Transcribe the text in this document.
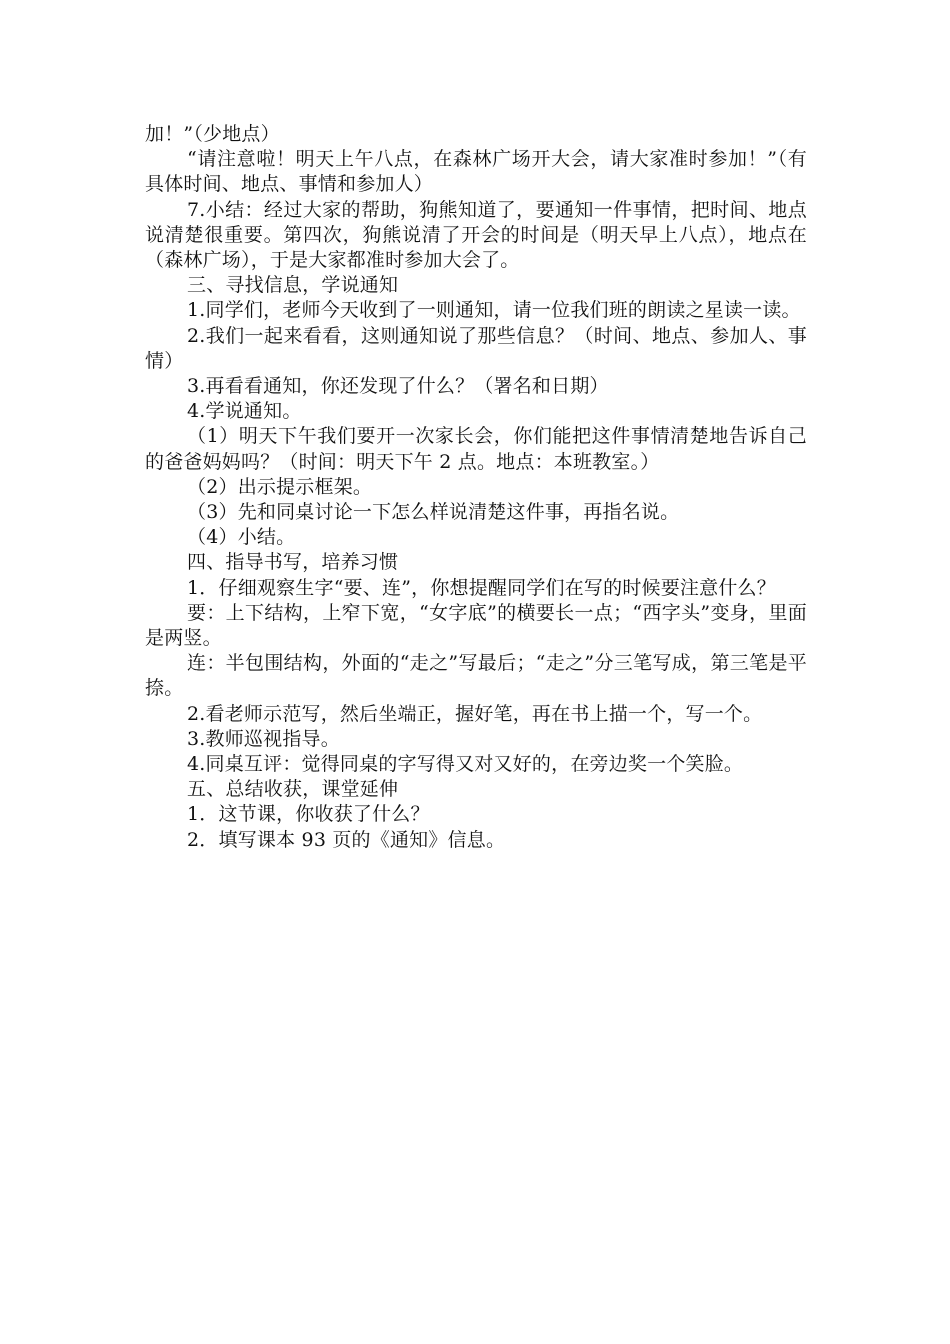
加！”（少地点）

“请注意啦！明天上午八点，在森林广场开大会，请大家准时参加！”（有具体时间、地点、事情和参加人）

7.小结：经过大家的帮助，狗熊知道了，要通知一件事情，把时间、地点说清楚很重要。第四次，狗熊说清了开会的时间是（明天早上八点），地点在（森林广场），于是大家都准时参加大会了。

三、寻找信息，学说通知

1.同学们，老师今天收到了一则通知，请一位我们班的朗读之星读一读。

2.我们一起来看看，这则通知说了那些信息？（时间、地点、参加人、事情）

3.再看看通知，你还发现了什么？（署名和日期）

4.学说通知。

（1）明天下午我们要开一次家长会，你们能把这件事情清楚地告诉自己的爸爸妈妈吗？（时间：明天下午 2 点。地点：本班教室。）

（2）出示提示框架。

（3）先和同桌讨论一下怎么样说清楚这件事，再指名说。

（4）小结。

四、指导书写，培养习惯

1．仔细观察生字“要、连”，你想提醒同学们在写的时候要注意什么？

要：上下结构，上窄下宽，“女字底”的横要长一点；“西字头”变身，里面是两竖。

连：半包围结构，外面的“走之”写最后；“走之”分三笔写成，第三笔是平捺。

2.看老师示范写，然后坐端正，握好笔，再在书上描一个，写一个。

3.教师巡视指导。

4.同桌互评：觉得同桌的字写得又对又好的，在旁边奖一个笑脸。

五、总结收获，课堂延伸

1．这节课，你收获了什么？

2．填写课本 93 页的《通知》信息。
